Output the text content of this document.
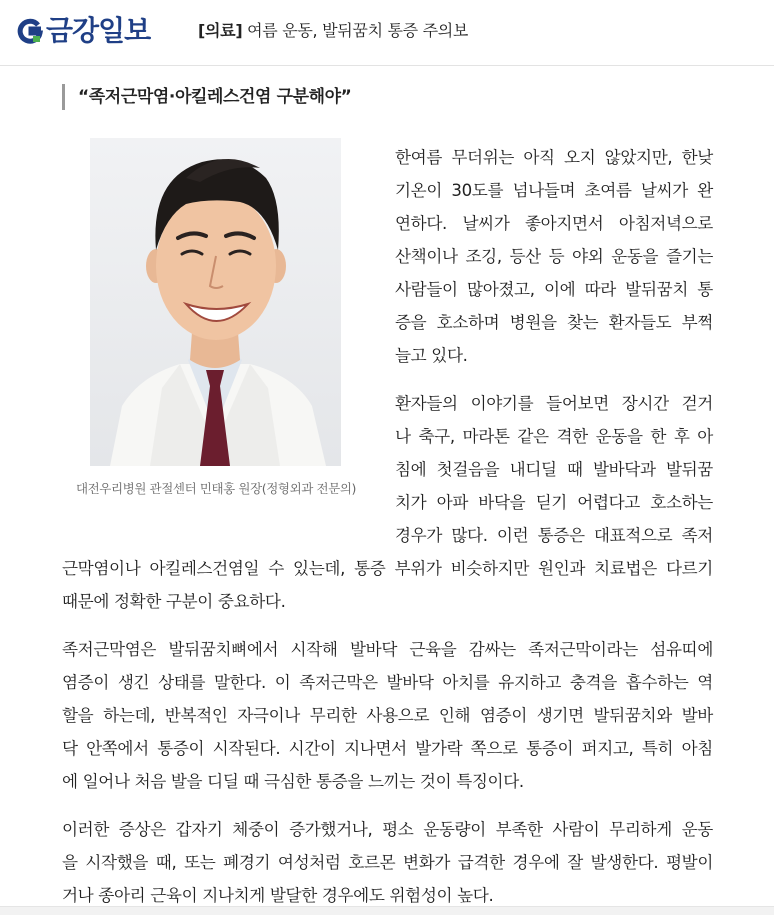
금강일보	[의료] 여름 운동, 발뒤꿈치 통증 주의보
“족저근막염·아킬레스건염 구분해야”
대전우리병원 관절센터 민태홍 원장(정형외과 전문의)
한여름 무더위는 아직 오지 않았지만, 한낮
기온이 30도를 넘나들며 초여름 날씨가 완
연하다. 날씨가 좋아지면서 아침저녁으로
산책이나 조깅, 등산 등 야외 운동을 즐기는
사람들이 많아졌고, 이에 따라 발뒤꿈치 통
증을 호소하며 병원을 찾는 환자들도 부쩍
늘고 있다.
환자들의 이야기를 들어보면 장시간 걷거
나 축구, 마라톤 같은 격한 운동을 한 후 아
침에 첫걸음을 내디딜 때 발바닥과 발뒤꿈
치가 아파 바닥을 딛기 어렵다고 호소하는
경우가 많다. 이런 통증은 대표적으로 족저
근막염이나 아킬레스건염일 수 있는데, 통증 부위가 비슷하지만 원인과 치료법은 다르기
때문에 정확한 구분이 중요하다.
족저근막염은 발뒤꿈치뼈에서 시작해 발바닥 근육을 감싸는 족저근막이라는 섬유띠에
염증이 생긴 상태를 말한다. 이 족저근막은 발바닥 아치를 유지하고 충격을 흡수하는 역
할을 하는데, 반복적인 자극이나 무리한 사용으로 인해 염증이 생기면 발뒤꿈치와 발바
닥 안쪽에서 통증이 시작된다. 시간이 지나면서 발가락 쪽으로 통증이 퍼지고, 특히 아침
에 일어나 처음 발을 디딜 때 극심한 통증을 느끼는 것이 특징이다.
이러한 증상은 갑자기 체중이 증가했거나, 평소 운동량이 부족한 사람이 무리하게 운동
을 시작했을 때, 또는 폐경기 여성처럼 호르몬 변화가 급격한 경우에 잘 발생한다. 평발이
거나 종아리 근육이 지나치게 발달한 경우에도 위험성이 높다.
